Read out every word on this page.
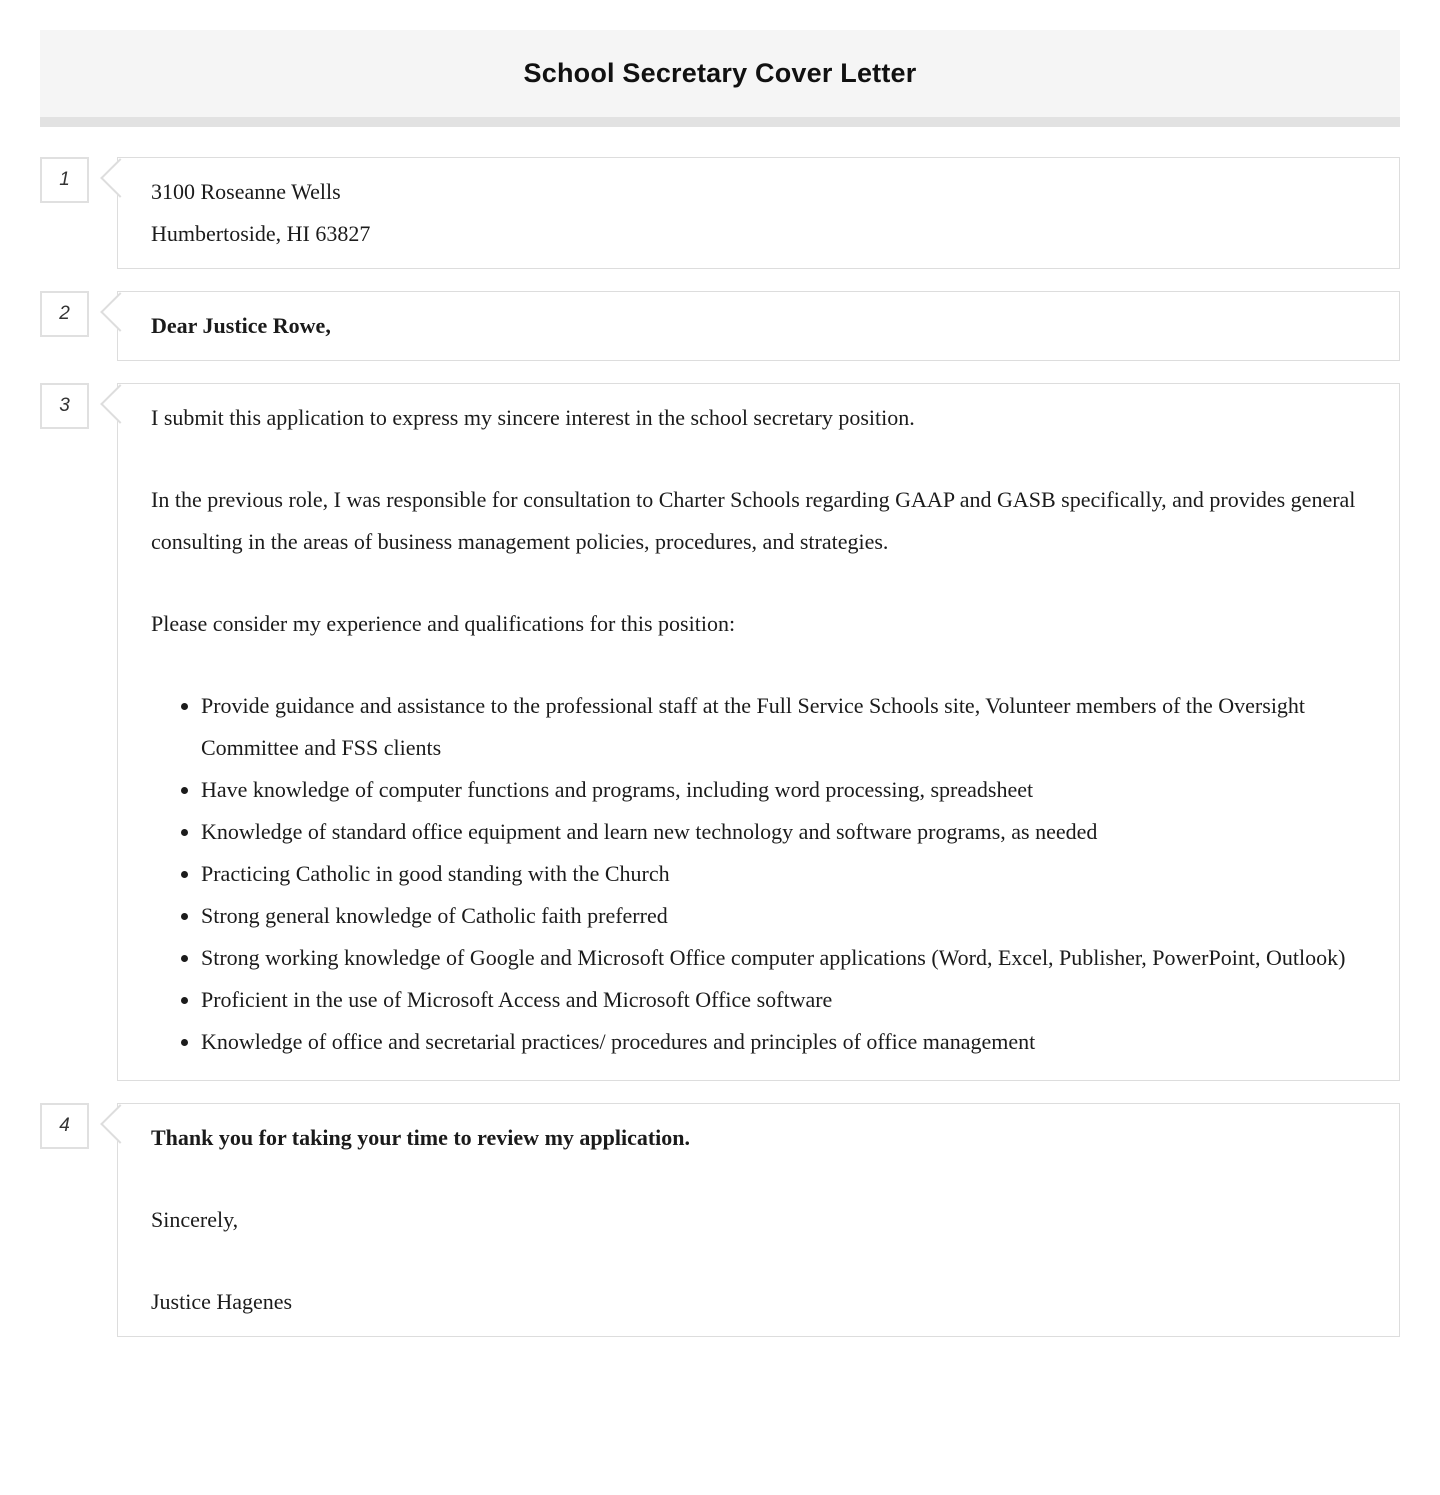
School Secretary Cover Letter
1	3100 Roseanne Wells
Humbertoside, HI 63827
2	Dear Justice Rowe,
3	I submit this application to express my sincere interest in the school secretary position.

In the previous role, I was responsible for consultation to Charter Schools regarding GAAP and GASB specifically, and provides general consulting in the areas of business management policies, procedures, and strategies.

Please consider my experience and qualifications for this position:

• Provide guidance and assistance to the professional staff at the Full Service Schools site, Volunteer members of the Oversight Committee and FSS clients
• Have knowledge of computer functions and programs, including word processing, spreadsheet
• Knowledge of standard office equipment and learn new technology and software programs, as needed
• Practicing Catholic in good standing with the Church
• Strong general knowledge of Catholic faith preferred
• Strong working knowledge of Google and Microsoft Office computer applications (Word, Excel, Publisher, PowerPoint, Outlook)
• Proficient in the use of Microsoft Access and Microsoft Office software
• Knowledge of office and secretarial practices/ procedures and principles of office management
4	Thank you for taking your time to review my application.

Sincerely,

Justice Hagenes
